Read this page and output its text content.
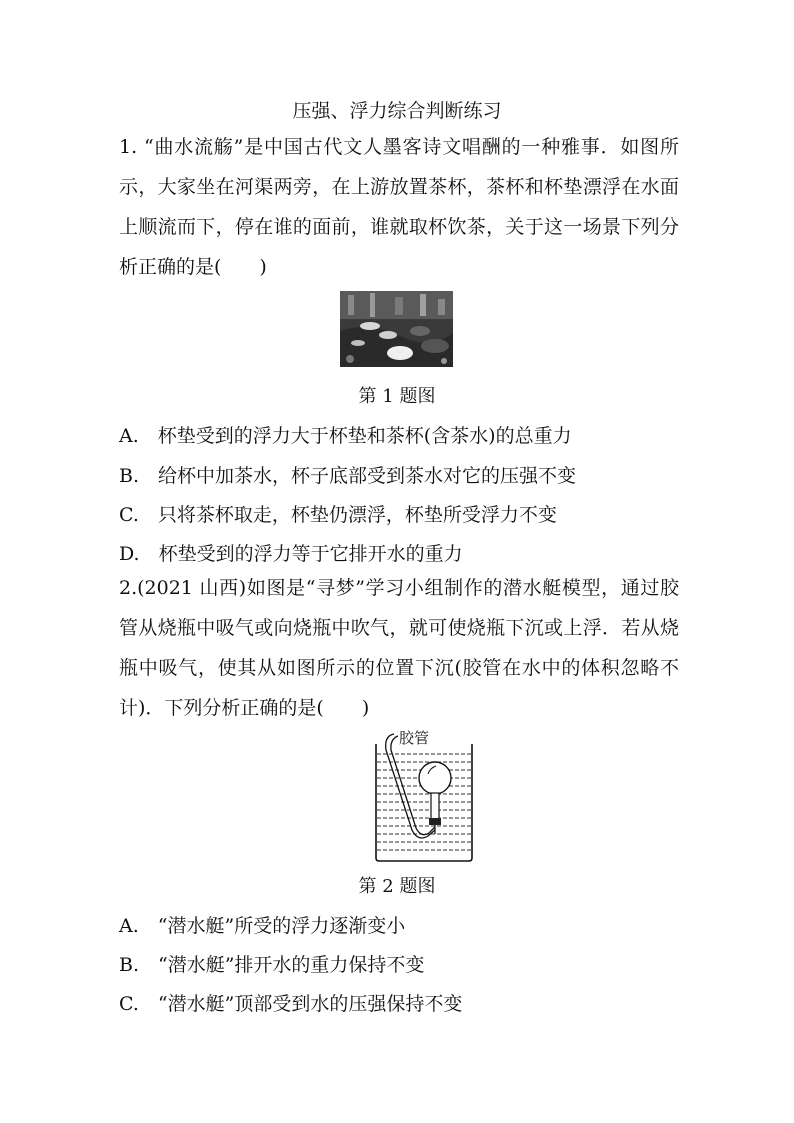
压强、浮力综合判断练习
1. “曲水流觞”是中国古代文人墨客诗文唱酬的一种雅事．如图所示，大家坐在河渠两旁，在上游放置茶杯，茶杯和杯垫漂浮在水面上顺流而下，停在谁的面前，谁就取杯饮茶，关于这一场景下列分析正确的是(　　)
第 1 题图
A.　杯垫受到的浮力大于杯垫和茶杯(含茶水)的总重力
B.　给杯中加茶水，杯子底部受到茶水对它的压强不变
C.　只将茶杯取走，杯垫仍漂浮，杯垫所受浮力不变
D.　杯垫受到的浮力等于它排开水的重力
2.(2021 山西)如图是“寻梦”学习小组制作的潜水艇模型，通过胶管从烧瓶中吸气或向烧瓶中吹气，就可使烧瓶下沉或上浮．若从烧瓶中吸气，使其从如图所示的位置下沉(胶管在水中的体积忽略不计)．下列分析正确的是(　　)
胶管
第 2 题图
A.　“潜水艇”所受的浮力逐渐变小
B.　“潜水艇”排开水的重力保持不变
C.　“潜水艇”顶部受到水的压强保持不变
